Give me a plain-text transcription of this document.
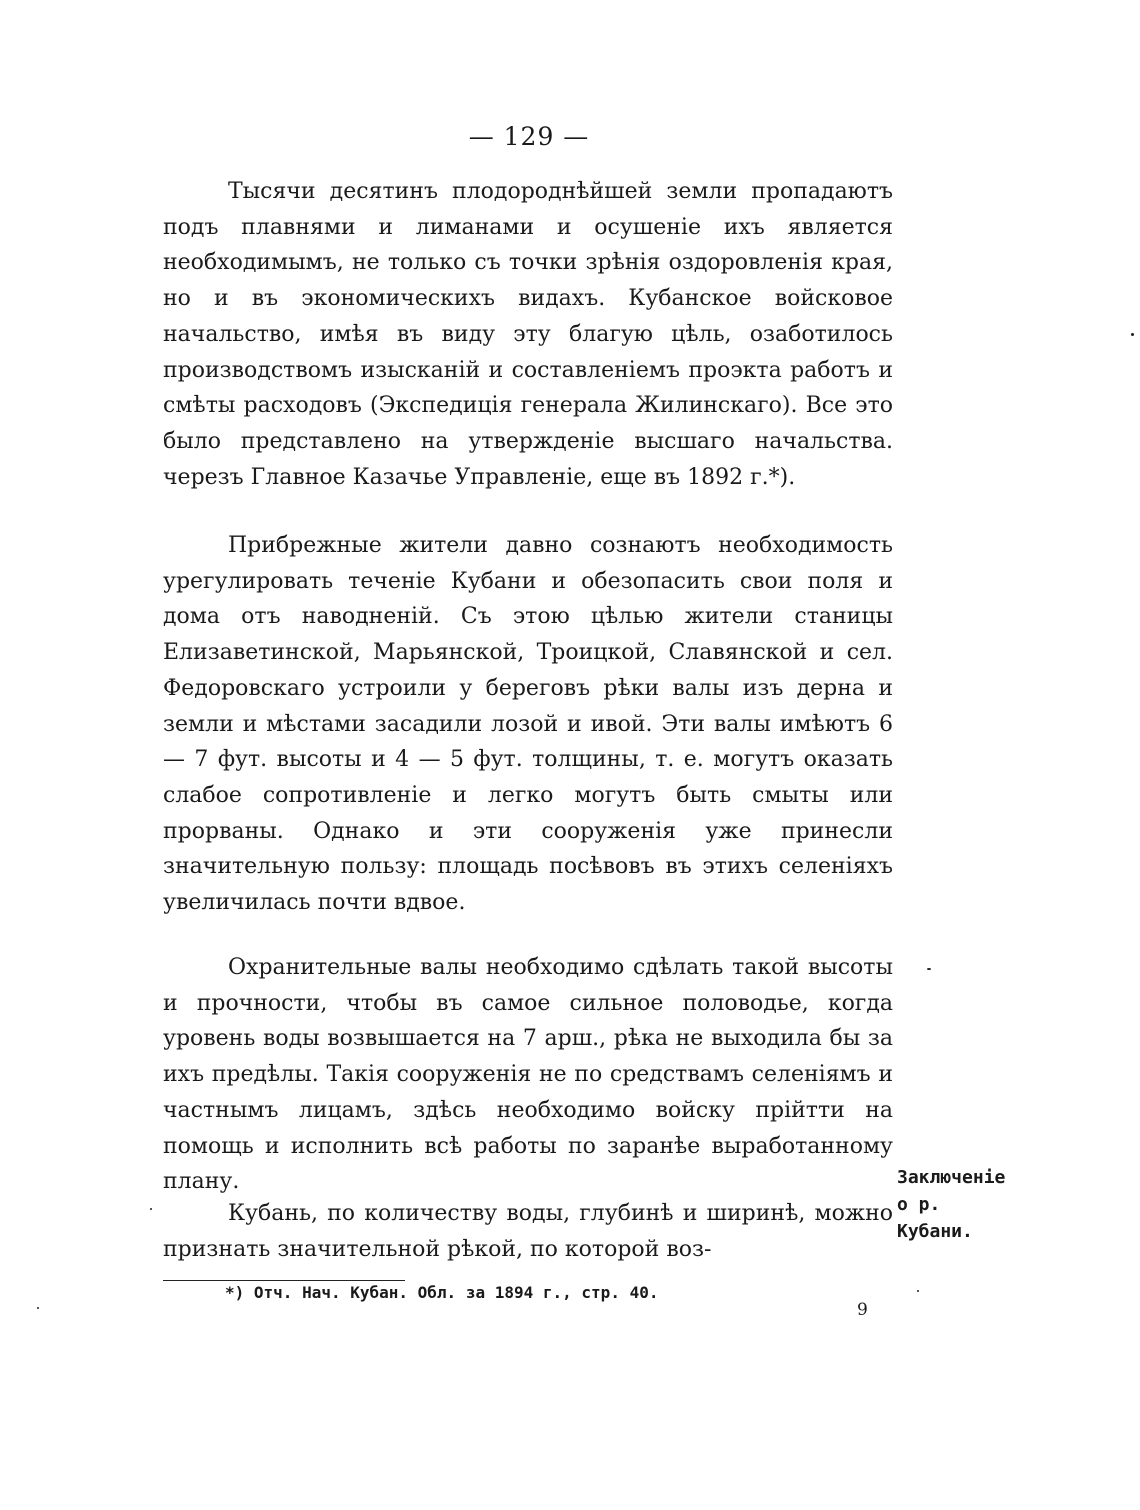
— 129 —

Тысячи десятинъ плодороднѣйшей земли пропадаютъ подъ плавнями и лиманами и осушеніе ихъ является необходимымъ, не только съ точки зрѣнія оздоровленія края, но и въ экономическихъ видахъ. Кубанское войсковое начальство, имѣя въ виду эту благую цѣль, озаботилось производствомъ изысканій и составленіемъ проэкта работъ и смѣты расходовъ (Экспедиція генерала Жилинскаго). Все это было представлено на утвержденіе высшаго начальства. черезъ Главное Казачье Управленіе, еще въ 1892 г.*).

Прибрежные жители давно сознаютъ необходимость урегулировать теченіе Кубани и обезопасить свои поля и дома отъ наводненій. Съ этою цѣлью жители станицы Елизаветинской, Марьянской, Троицкой, Славянской и сел. Федоровскаго устроили у береговъ рѣки валы изъ дерна и земли и мѣстами засадили лозой и ивой. Эти валы имѣютъ 6 — 7 фут. высоты и 4 — 5 фут. толщины, т. е. могутъ оказать слабое сопротивленіе и легко могутъ быть смыты или прорваны. Однако и эти сооруженія уже принесли значительную пользу: площадь посѣвовъ въ этихъ селеніяхъ увеличилась почти вдвое.

Охранительные валы необходимо сдѣлать такой высоты и прочности, чтобы въ самое сильное половодье, когда уровень воды возвышается на 7 арш., рѣка не выходила бы за ихъ предѣлы. Такія сооруженія не по средствамъ селеніямъ и частнымъ лицамъ, здѣсь необходимо войску прійтти на помощь и исполнить всѣ работы по заранѣе выработанному плану.

Кубань, по количеству воды, глубинѣ и ширинѣ, можно признать значительной рѣкой, по которой воз-

Заключеніе
о р. Кубани.
*) Отч. Нач. Кубан. Обл. за 1894 г., стр. 40.
9
